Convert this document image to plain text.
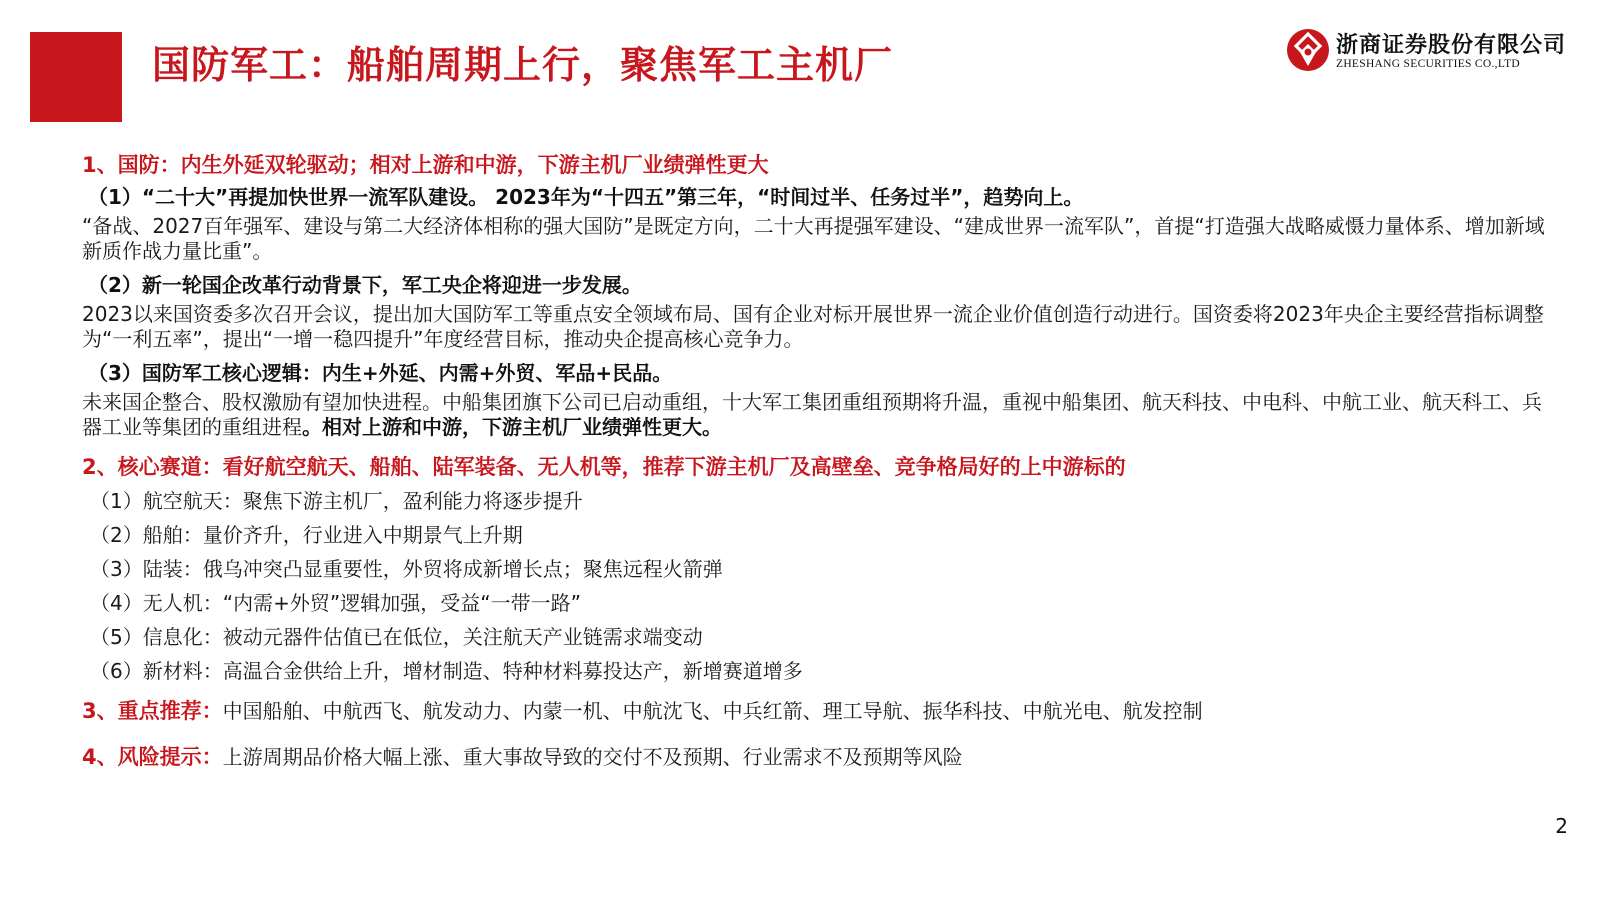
国防军工：船舶周期上行，聚焦军工主机厂	浙商证券股份有限公司
ZHESHANG SECURITIES CO.,LTD
1、国防：内生外延双轮驱动；相对上游和中游，下游主机厂业绩弹性更大
（1）“二十大”再提加快世界一流军队建设。 2023年为“十四五”第三年，“时间过半、任务过半”，趋势向上。
“备战、2027百年强军、建设与第二大经济体相称的强大国防”是既定方向，二十大再提强军建设、“建成世界一流军队”，首提“打造强大战略威慑力量体系、增加新域新质作战力量比重”。
（2）新一轮国企改革行动背景下，军工央企将迎进一步发展。
2023以来国资委多次召开会议，提出加大国防军工等重点安全领域布局、国有企业对标开展世界一流企业价值创造行动进行。国资委将2023年央企主要经营指标调整为“一利五率”，提出“一增一稳四提升”年度经营目标，推动央企提高核心竞争力。
（3）国防军工核心逻辑：内生+外延、内需+外贸、军品+民品。
未来国企整合、股权激励有望加快进程。中船集团旗下公司已启动重组，十大军工集团重组预期将升温，重视中船集团、航天科技、中电科、中航工业、航天科工、兵器工业等集团的重组进程。相对上游和中游，下游主机厂业绩弹性更大。
2、核心赛道：看好航空航天、船舶、陆军装备、无人机等，推荐下游主机厂及高壁垒、竞争格局好的上中游标的
（1）航空航天：聚焦下游主机厂，盈利能力将逐步提升
（2）船舶：量价齐升，行业进入中期景气上升期
（3）陆装：俄乌冲突凸显重要性，外贸将成新增长点；聚焦远程火箭弹
（4）无人机：“内需+外贸”逻辑加强，受益“一带一路”
（5）信息化：被动元器件估值已在低位，关注航天产业链需求端变动
（6）新材料：高温合金供给上升，增材制造、特种材料募投达产，新增赛道增多
3、重点推荐：中国船舶、中航西飞、航发动力、内蒙一机、中航沈飞、中兵红箭、理工导航、振华科技、中航光电、航发控制
4、风险提示：上游周期品价格大幅上涨、重大事故导致的交付不及预期、行业需求不及预期等风险
2
